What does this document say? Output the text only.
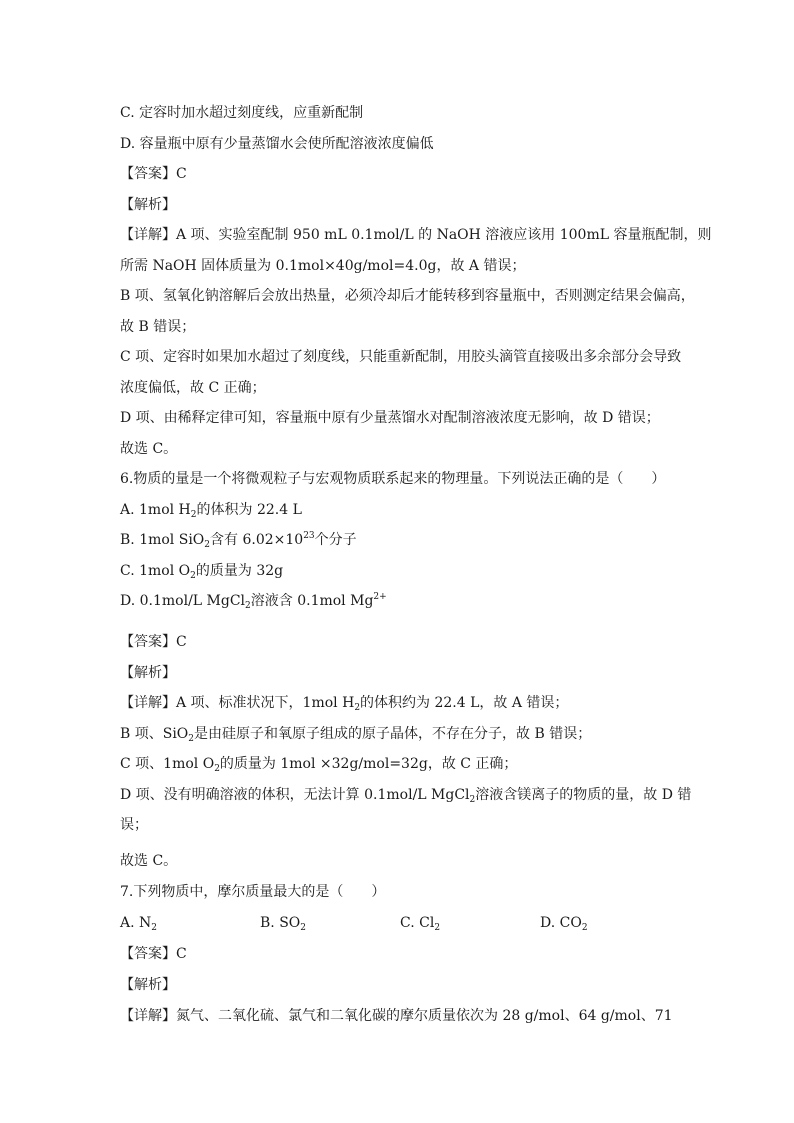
C. 定容时加水超过刻度线，应重新配制
D. 容量瓶中原有少量蒸馏水会使所配溶液浓度偏低
【答案】C
【解析】
【详解】A 项、实验室配制 950 mL 0.1mol/L 的 NaOH 溶液应该用 100mL 容量瓶配制，则
所需 NaOH 固体质量为 0.1mol×40g/mol=4.0g，故 A 错误；
B 项、氢氧化钠溶解后会放出热量，必须冷却后才能转移到容量瓶中，否则测定结果会偏高，
故 B 错误；
C 项、定容时如果加水超过了刻度线，只能重新配制，用胶头滴管直接吸出多余部分会导致
浓度偏低，故 C 正确；
D 项、由稀释定律可知，容量瓶中原有少量蒸馏水对配制溶液浓度无影响，故 D 错误；
故选 C。
6.物质的量是一个将微观粒子与宏观物质联系起来的物理量。下列说法正确的是（　　）
A. 1mol $H_2$的体积为 22.4 L
B. 1mol SiO$_2$含有 $6.02\times 10^{23}$个分子
C. 1mol $O_2$的质量为 32g
D. 0.1mol/L MgCl$_2$溶液含 0.1mol $Mg^{2+}$
【答案】C
【解析】
【详解】A 项、标准状况下，1mol $H_2$的体积约为 22.4 L，故 A 错误；
B 项、SiO$_2$是由硅原子和氧原子组成的原子晶体，不存在分子，故 B 错误；
C 项、1mol $O_2$的质量为 1mol ×32g/mol=32g，故 C 正确；
D 项、没有明确溶液的体积，无法计算 0.1mol/L MgCl$_2$溶液含镁离子的物质的量，故 D 错
误；
故选 C。
7.下列物质中，摩尔质量最大的是（　　）
A. $N_2$	B. $SO_2$	C. $Cl_2$	D. $CO_2$
【答案】C
【解析】
【详解】氮气、二氧化硫、氯气和二氧化碳的摩尔质量依次为 28 g/mol、64 g/mol、71
